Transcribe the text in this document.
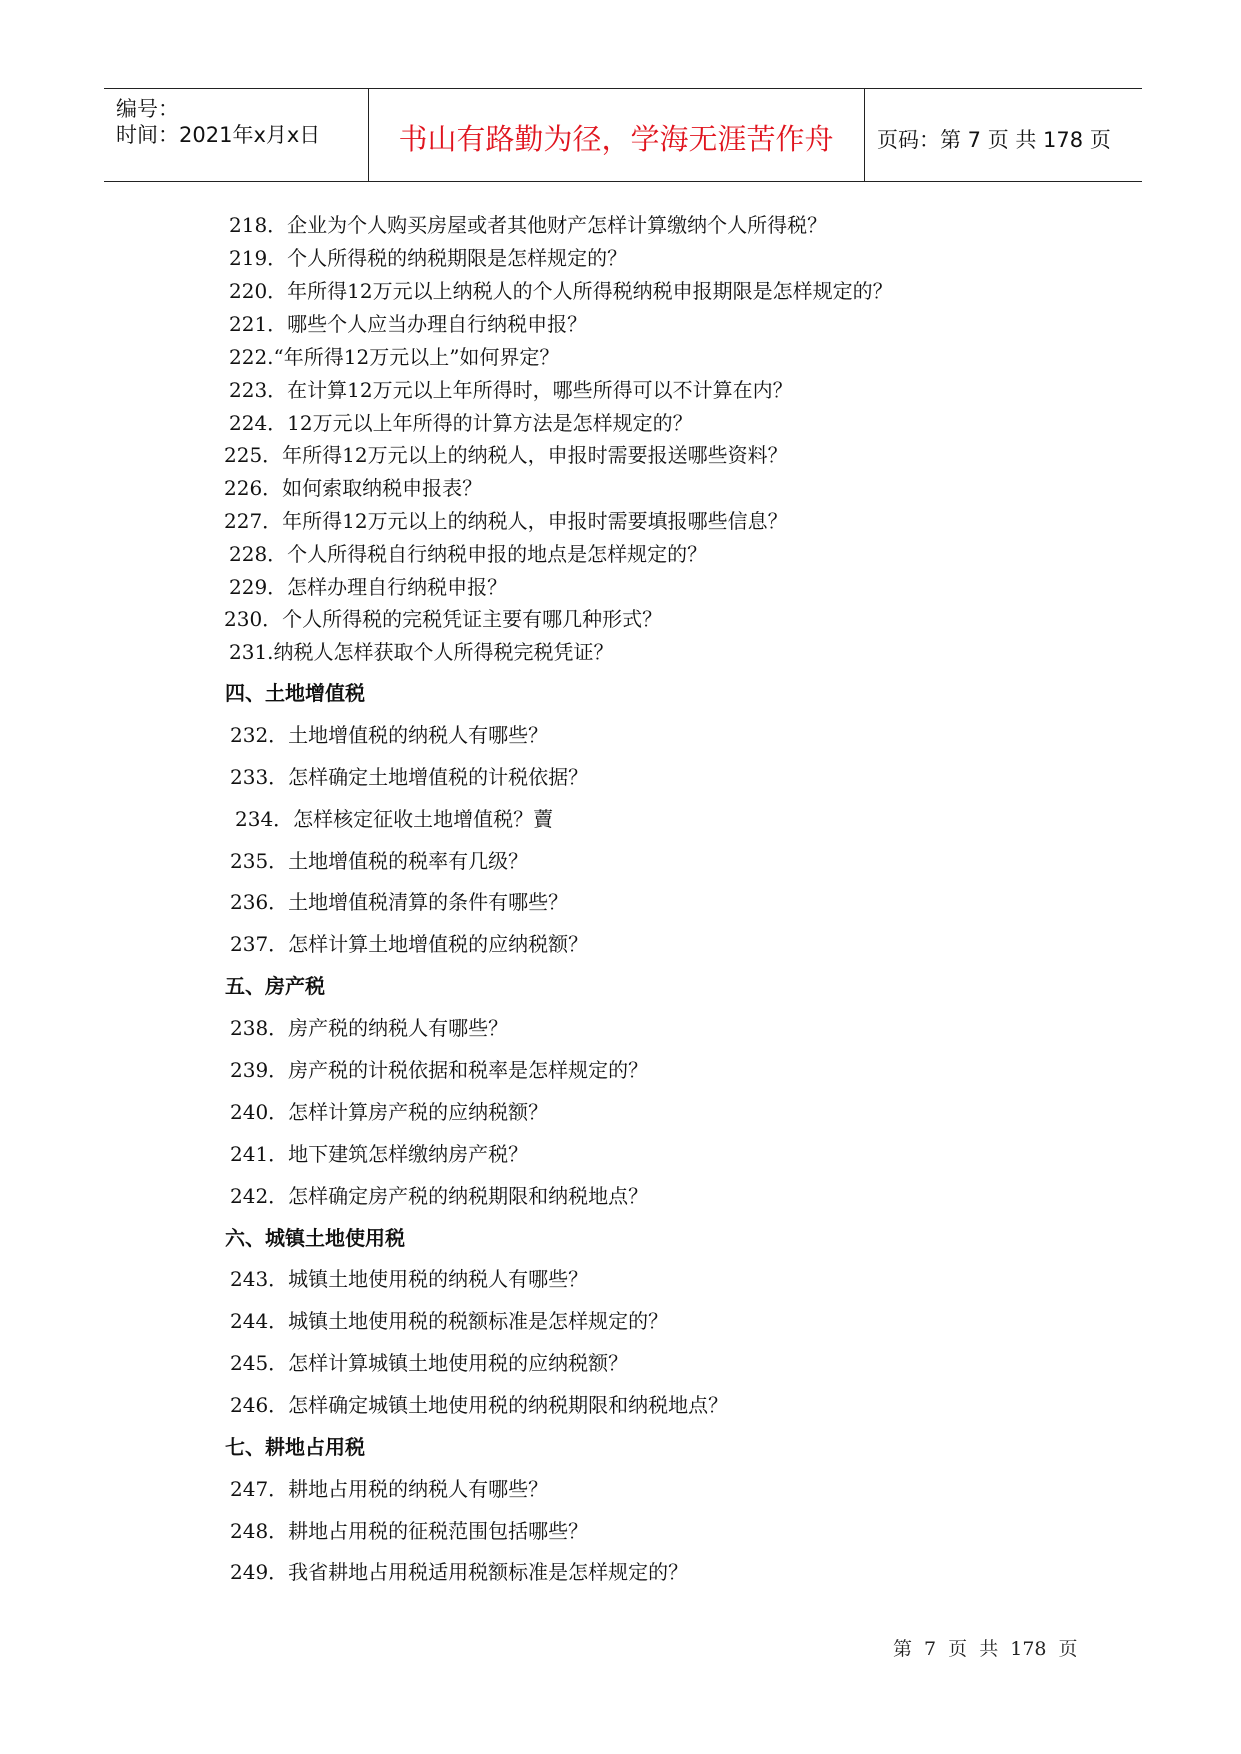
编号：
时间：2021年x月x日	书山有路勤为径，学海无涯苦作舟	页码：第 7 页 共 178 页
218．企业为个人购买房屋或者其他财产怎样计算缴纳个人所得税？
219．个人所得税的纳税期限是怎样规定的？
220．年所得12万元以上纳税人的个人所得税纳税申报期限是怎样规定的？
221．哪些个人应当办理自行纳税申报？
222.“年所得12万元以上”如何界定？
223．在计算12万元以上年所得时，哪些所得可以不计算在内？
224．12万元以上年所得的计算方法是怎样规定的？
225．年所得12万元以上的纳税人，申报时需要报送哪些资料？
226．如何索取纳税申报表？
227．年所得12万元以上的纳税人，申报时需要填报哪些信息？
228．个人所得税自行纳税申报的地点是怎样规定的？
229．怎样办理自行纳税申报？
230．个人所得税的完税凭证主要有哪几种形式？
231.纳税人怎样获取个人所得税完税凭证？
四、土地增值税
232．土地增值税的纳税人有哪些？
233．怎样确定土地增值税的计税依据？
234．怎样核定征收土地增值税？藚
235．土地增值税的税率有几级？
236．土地增值税清算的条件有哪些？
237．怎样计算土地增值税的应纳税额？
五、房产税
238．房产税的纳税人有哪些？
239．房产税的计税依据和税率是怎样规定的？
240．怎样计算房产税的应纳税额？
241．地下建筑怎样缴纳房产税？
242．怎样确定房产税的纳税期限和纳税地点？
六、城镇土地使用税
243．城镇土地使用税的纳税人有哪些？
244．城镇土地使用税的税额标准是怎样规定的？
245．怎样计算城镇土地使用税的应纳税额？
246．怎样确定城镇土地使用税的纳税期限和纳税地点？
七、耕地占用税
247．耕地占用税的纳税人有哪些？
248．耕地占用税的征税范围包括哪些？
249．我省耕地占用税适用税额标准是怎样规定的？
第 7 页 共 178 页
